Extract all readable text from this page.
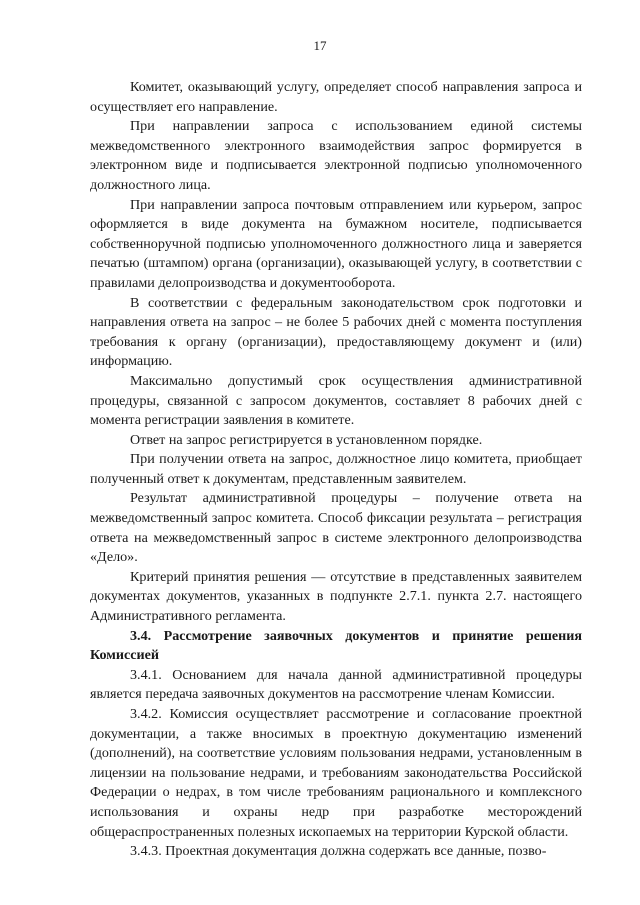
17

Комитет, оказывающий услугу, определяет способ направления запроса и осуществляет его направление.

При направлении запроса с использованием единой системы межведомственного электронного взаимодействия запрос формируется в электронном виде и подписывается электронной подписью уполномоченного должностного лица.

При направлении запроса почтовым отправлением или курьером, запрос оформляется в виде документа на бумажном носителе, подписывается собственноручной подписью уполномоченного должностного лица и заверяется печатью (штампом) органа (организации), оказывающей услугу, в соответствии с правилами делопроизводства и документооборота.

В соответствии с федеральным законодательством срок подготовки и направления ответа на запрос – не более 5 рабочих дней с момента поступления требования к органу (организации), предоставляющему документ и (или) информацию.

Максимально допустимый срок осуществления административной процедуры, связанной с запросом документов, составляет 8 рабочих дней с момента регистрации заявления в комитете.

Ответ на запрос регистрируется в установленном порядке.

При получении ответа на запрос, должностное лицо комитета, приобщает полученный ответ к документам, представленным заявителем.

Результат административной процедуры – получение ответа на межведомственный запрос комитета. Способ фиксации результата – регистрация ответа на межведомственный запрос в системе электронного делопроизводства «Дело».

Критерий принятия решения — отсутствие в представленных заявителем документах документов, указанных в подпункте 2.7.1. пункта 2.7. настоящего Административного регламента.

3.4. Рассмотрение заявочных документов и принятие решения Комиссией

3.4.1. Основанием для начала данной административной процедуры является передача заявочных документов на рассмотрение членам Комиссии.

3.4.2. Комиссия осуществляет рассмотрение и согласование проектной документации, а также вносимых в проектную документацию изменений (дополнений), на соответствие условиям пользования недрами, установленным в лицензии на пользование недрами, и требованиям законодательства Российской Федерации о недрах, в том числе требованиям рационального и комплексного использования и охраны недр при разработке месторождений общераспространенных полезных ископаемых на территории Курской области.

3.4.3. Проектная документация должна содержать все данные, позво-
